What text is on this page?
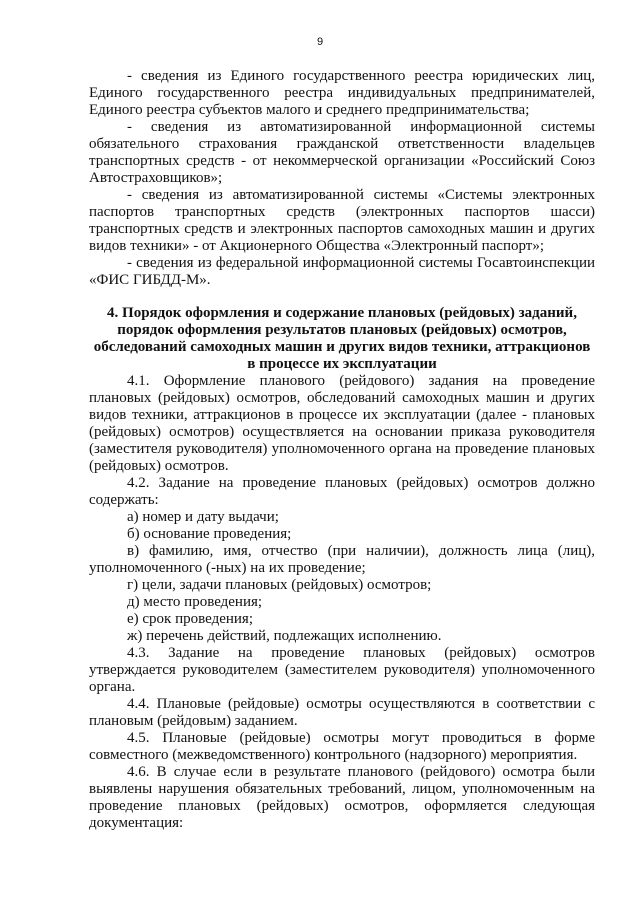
9

- сведения из Единого государственного реестра юридических лиц, Единого государственного реестра индивидуальных предпринимателей, Единого реестра субъектов малого и среднего предпринимательства;

- сведения из автоматизированной информационной системы обязательного страхования гражданской ответственности владельцев транспортных средств - от некоммерческой организации «Российский Союз Автостраховщиков»;

- сведения из автоматизированной системы «Системы электронных паспортов транспортных средств (электронных паспортов шасси) транспортных средств и электронных паспортов самоходных машин и других видов техники» - от Акционерного Общества «Электронный паспорт»;

- сведения из федеральной информационной системы Госавтоинспекции «ФИС ГИБДД-М».

4. Порядок оформления и содержание плановых (рейдовых) заданий, порядок оформления результатов плановых (рейдовых) осмотров, обследований самоходных машин и других видов техники, аттракционов в процессе их эксплуатации

4.1. Оформление планового (рейдового) задания на проведение плановых (рейдовых) осмотров, обследований самоходных машин и других видов техники, аттракционов в процессе их эксплуатации (далее - плановых (рейдовых) осмотров) осуществляется на основании приказа руководителя (заместителя руководителя) уполномоченного органа на проведение плановых (рейдовых) осмотров.

4.2. Задание на проведение плановых (рейдовых) осмотров должно содержать:

а) номер и дату выдачи;

б) основание проведения;

в) фамилию, имя, отчество (при наличии), должность лица (лиц), уполномоченного (-ных) на их проведение;

г) цели, задачи плановых (рейдовых) осмотров;

д) место проведения;

е) срок проведения;

ж) перечень действий, подлежащих исполнению.

4.3. Задание на проведение плановых (рейдовых) осмотров утверждается руководителем (заместителем руководителя) уполномоченного органа.

4.4. Плановые (рейдовые) осмотры осуществляются в соответствии с плановым (рейдовым) заданием.

4.5. Плановые (рейдовые) осмотры могут проводиться в форме совместного (межведомственного) контрольного (надзорного) мероприятия.

4.6. В случае если в результате планового (рейдового) осмотра были выявлены нарушения обязательных требований, лицом, уполномоченным на проведение плановых (рейдовых) осмотров, оформляется следующая документация:
